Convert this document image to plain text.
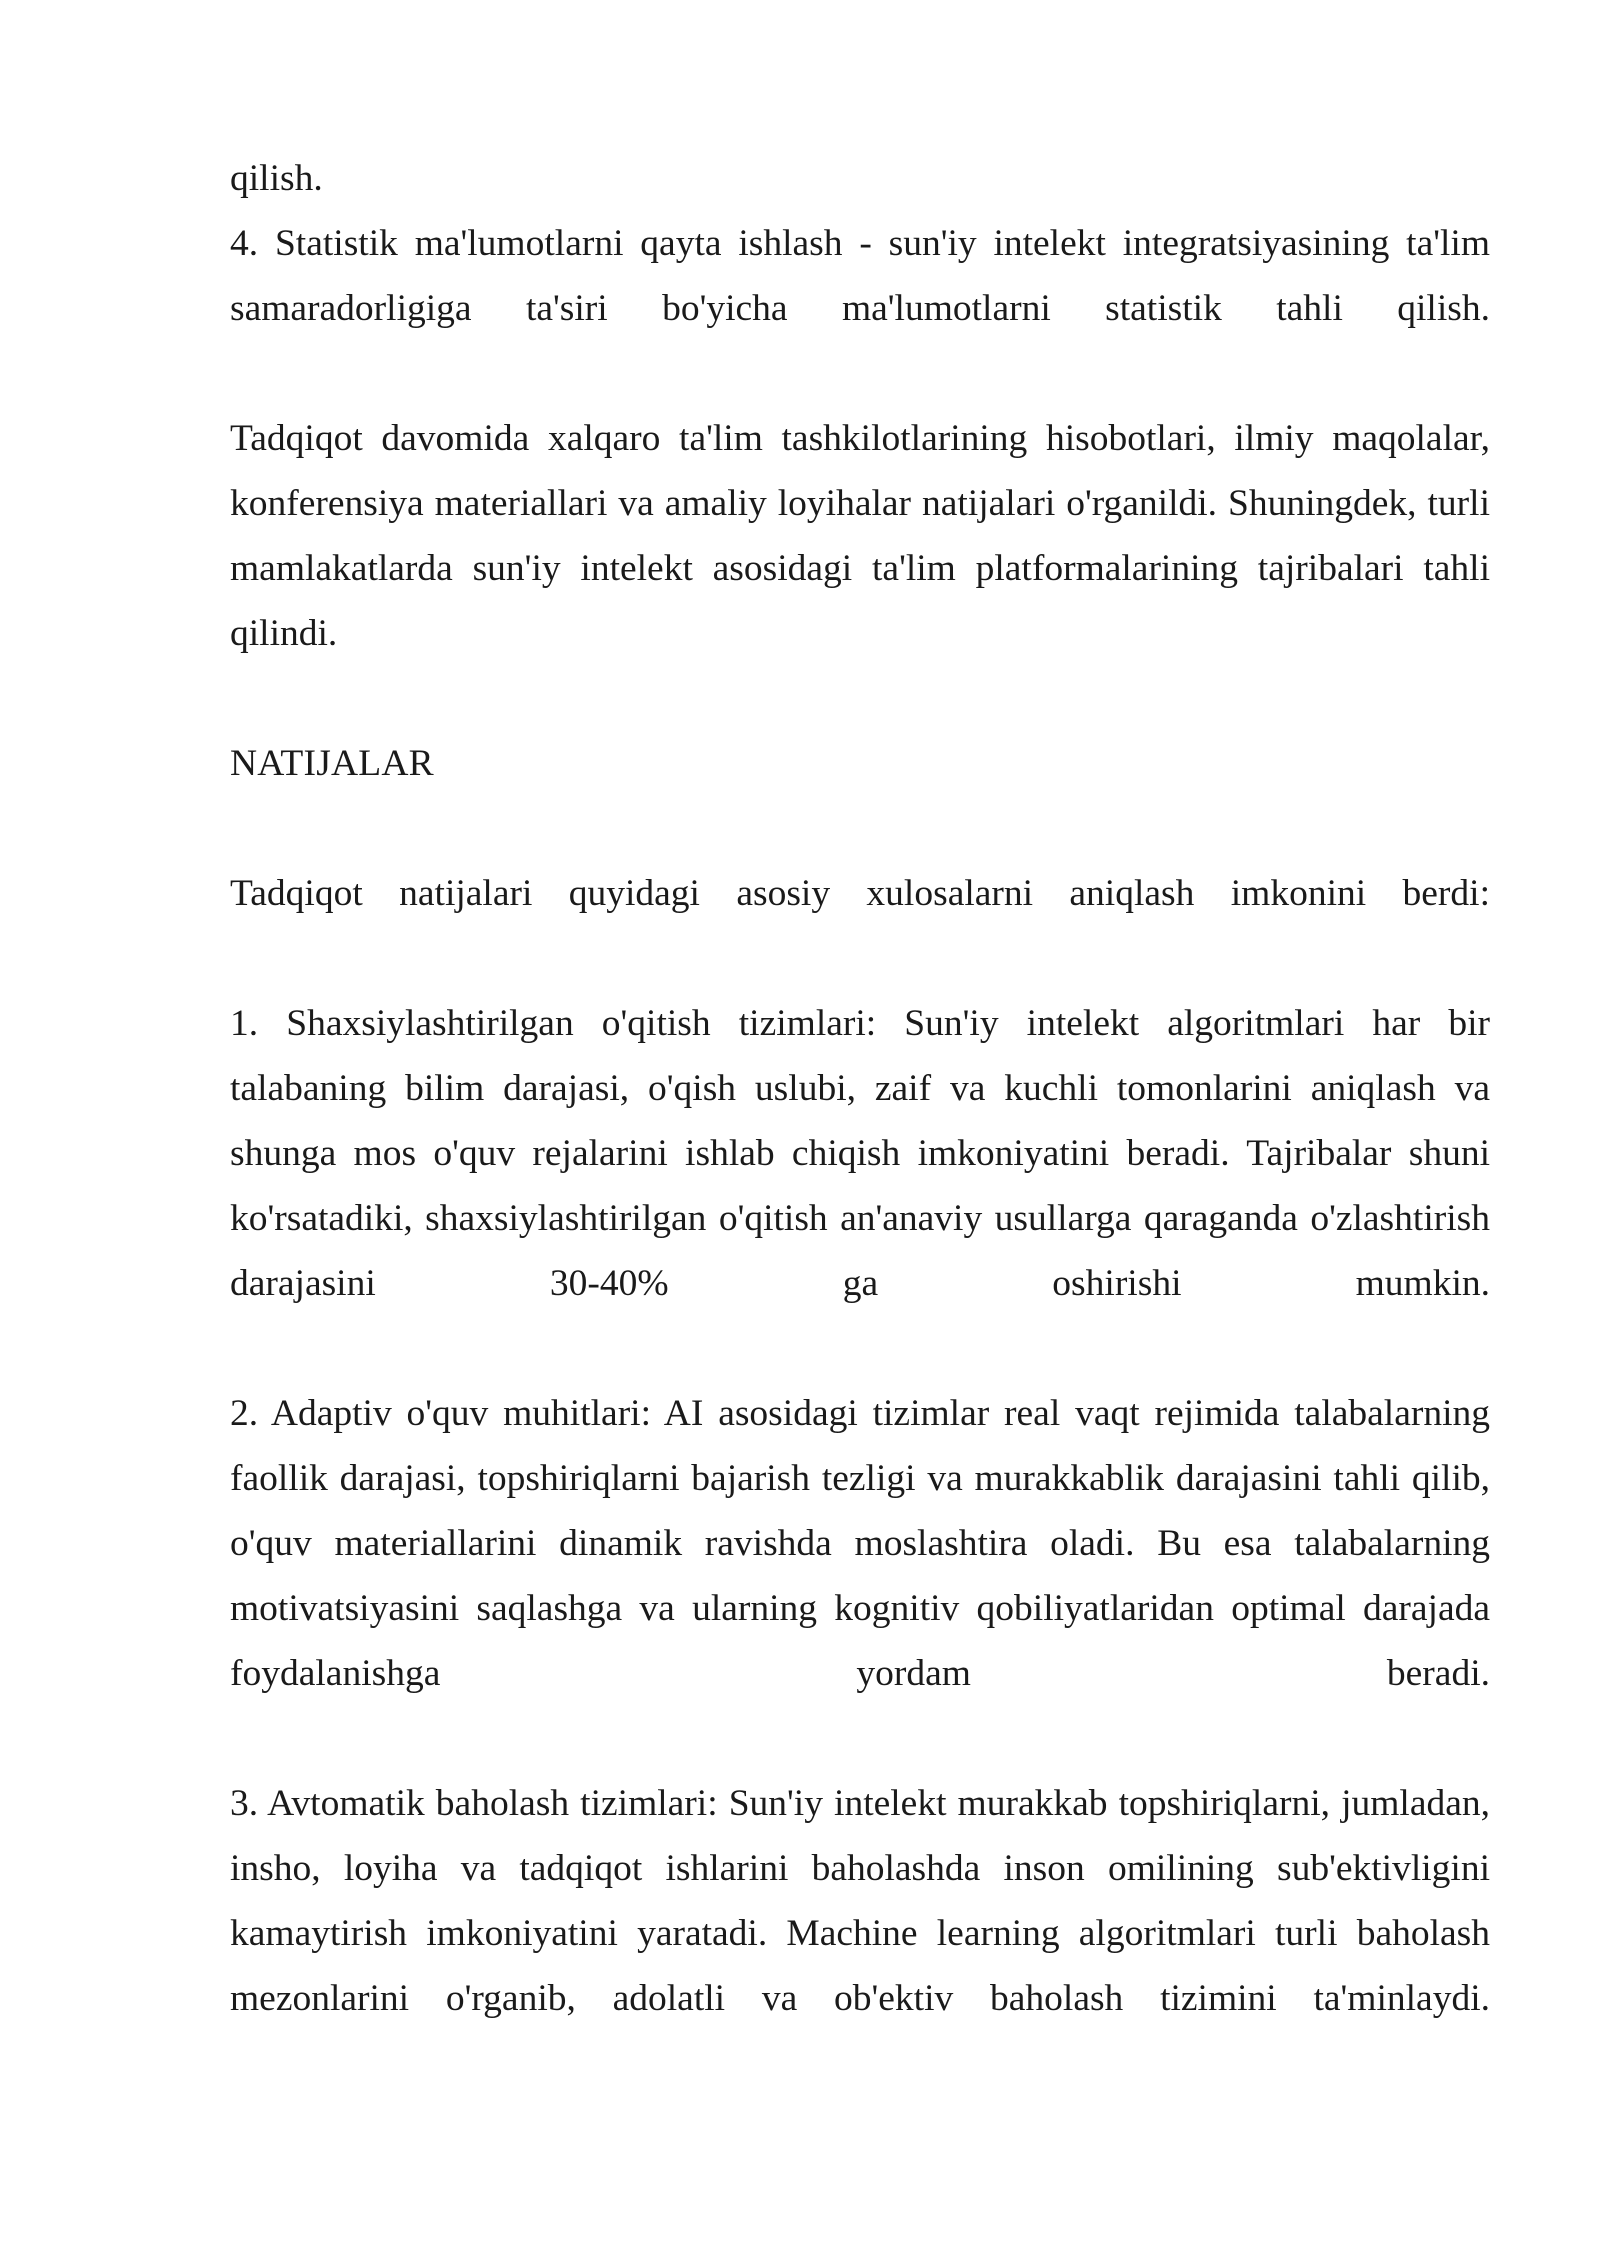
qilish.
4. Statistik ma'lumotlarni qayta ishlash - sun'iy intelekt integratsiyasining ta'lim
samaradorligiga ta'siri bo'yicha ma'lumotlarni statistik tahli qilish.
Tadqiqot davomida xalqaro ta'lim tashkilotlarining hisobotlari, ilmiy maqolalar,
konferensiya materiallari va amaliy loyihalar natijalari o'rganildi. Shuningdek, turli
mamlakatlarda sun'iy intelekt asosidagi ta'lim platformalarining tajribalari tahli
qilindi.
NATIJALAR
Tadqiqot natijalari quyidagi asosiy xulosalarni aniqlash imkonini berdi:
1. Shaxsiylashtirilgan o'qitish tizimlari: Sun'iy intelekt algoritmlari har bir
talabaning bilim darajasi, o'qish uslubi, zaif va kuchli tomonlarini aniqlash va
shunga mos o'quv rejalarini ishlab chiqish imkoniyatini beradi. Tajribalar shuni
ko'rsatadiki, shaxsiylashtirilgan o'qitish an'anaviy usullarga qaraganda o'zlashtirish
darajasini 30-40% ga oshirishi mumkin.
2. Adaptiv o'quv muhitlari: AI asosidagi tizimlar real vaqt rejimida talabalarning
faollik darajasi, topshiriqlarni bajarish tezligi va murakkablik darajasini tahli qilib,
o'quv materiallarini dinamik ravishda moslashtira oladi. Bu esa talabalarning
motivatsiyasini saqlashga va ularning kognitiv qobiliyatlaridan optimal darajada
foydalanishga yordam beradi.
3. Avtomatik baholash tizimlari: Sun'iy intelekt murakkab topshiriqlarni, jumladan,
insho, loyiha va tadqiqot ishlarini baholashda inson omilining sub'ektivligini
kamaytirish imkoniyatini yaratadi. Machine learning algoritmlari turli baholash
mezonlarini o'rganib, adolatli va ob'ektiv baholash tizimini ta'minlaydi.
